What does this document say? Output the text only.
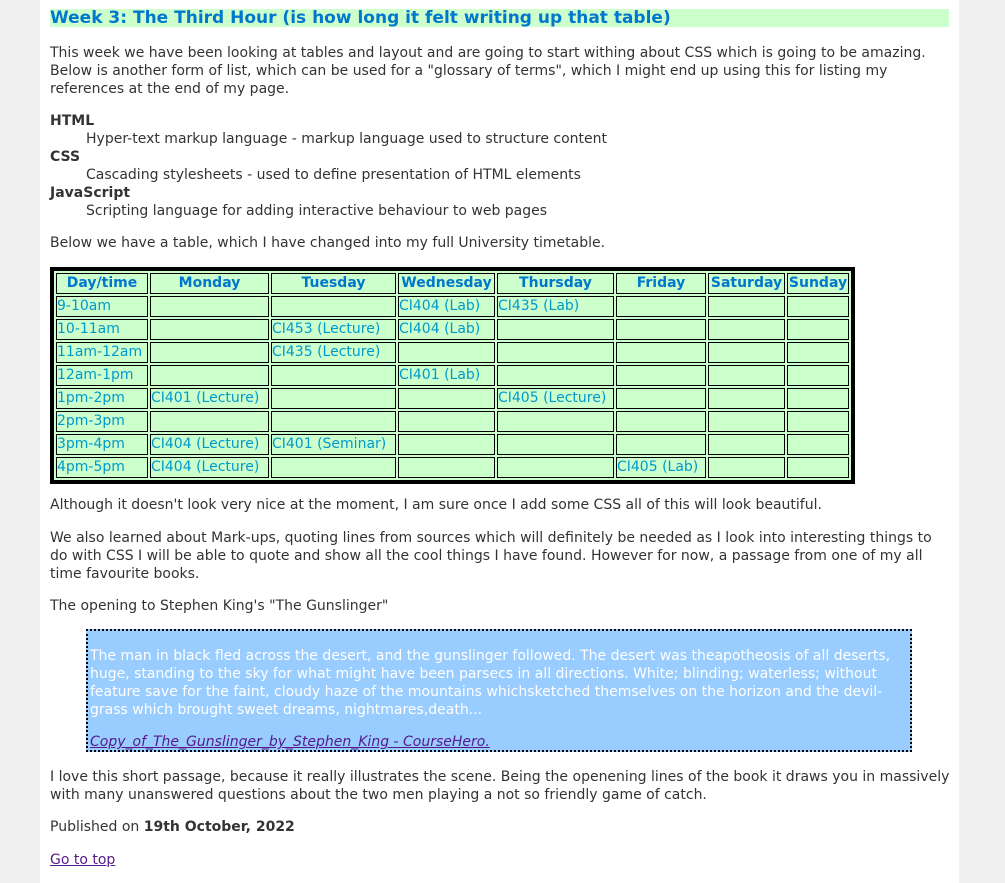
Week 3: The Third Hour (is how long it felt writing up that table)

This week we have been looking at tables and layout and are going to start withing about CSS which is going to be amazing. Below is another form of list, which can be used for a "glossary of terms", which I might end up using this for listing my references at the end of my page.

HTML
Hyper-text markup language - markup language used to structure content
CSS
Cascading stylesheets - used to define presentation of HTML elements
JavaScript
Scripting language for adding interactive behaviour to web pages

Below we have a table, which I have changed into my full University timetable.

Day/time	Monday	Tuesday	Wednesday	Thursday	Friday	Saturday	Sunday
9-10am			CI404 (Lab)	CI435 (Lab)			
10-11am		CI453 (Lecture)	CI404 (Lab)				
11am-12am		CI435 (Lecture)					
12am-1pm			CI401 (Lab)				
1pm-2pm	CI401 (Lecture)			CI405 (Lecture)			
2pm-3pm							
3pm-4pm	CI404 (Lecture)	CI401 (Seminar)					
4pm-5pm	CI404 (Lecture)				CI405 (Lab)		

Although it doesn't look very nice at the moment, I am sure once I add some CSS all of this will look beautiful.

We also learned about Mark-ups, quoting lines from sources which will definitely be needed as I look into interesting things to do with CSS I will be able to quote and show all the cool things I have found. However for now, a passage from one of my all time favourite books.

The opening to Stephen King's "The Gunslinger"

The man in black fled across the desert, and the gunslinger followed. The desert was theapotheosis of all deserts, huge, standing to the sky for what might have been parsecs in all directions. White; blinding; waterless; without feature save for the faint, cloudy haze of the mountains whichsketched themselves on the horizon and the devil-grass which brought sweet dreams, nightmares,death...

Copy_of_The_Gunslinger_by_Stephen_King - CourseHero.

I love this short passage, because it really illustrates the scene. Being the openening lines of the book it draws you in massively with many unanswered questions about the two men playing a not so friendly game of catch.

Published on 19th October, 2022

Go to top
